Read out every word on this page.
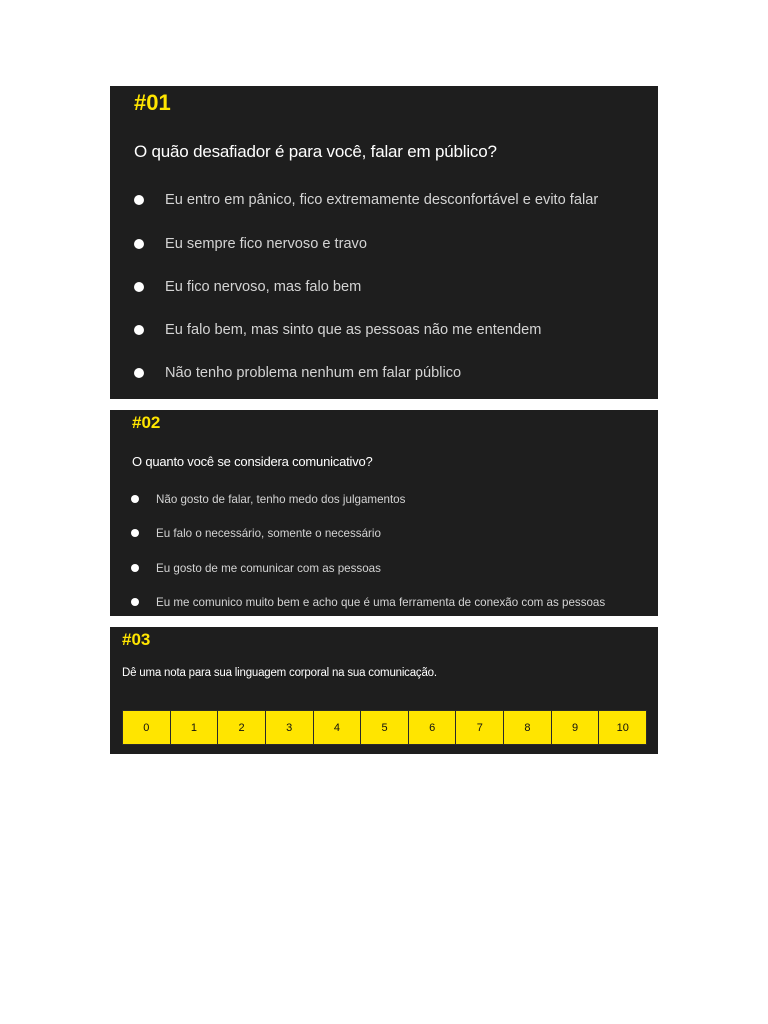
#01
O quão desafiador é para você, falar em público?
Eu entro em pânico, fico extremamente desconfortável e evito falar
Eu sempre fico nervoso e travo
Eu fico nervoso, mas falo bem
Eu falo bem, mas sinto que as pessoas não me entendem
Não tenho problema nenhum em falar público
#02
O quanto você se considera comunicativo?
Não gosto de falar, tenho medo dos julgamentos
Eu falo o necessário, somente o necessário
Eu gosto de me comunicar com as pessoas
Eu me comunico muito bem e acho que é uma ferramenta de conexão com as pessoas
#03
Dê uma nota para sua linguagem corporal na sua comunicação.
0	1	2	3	4	5	6	7	8	9	10
